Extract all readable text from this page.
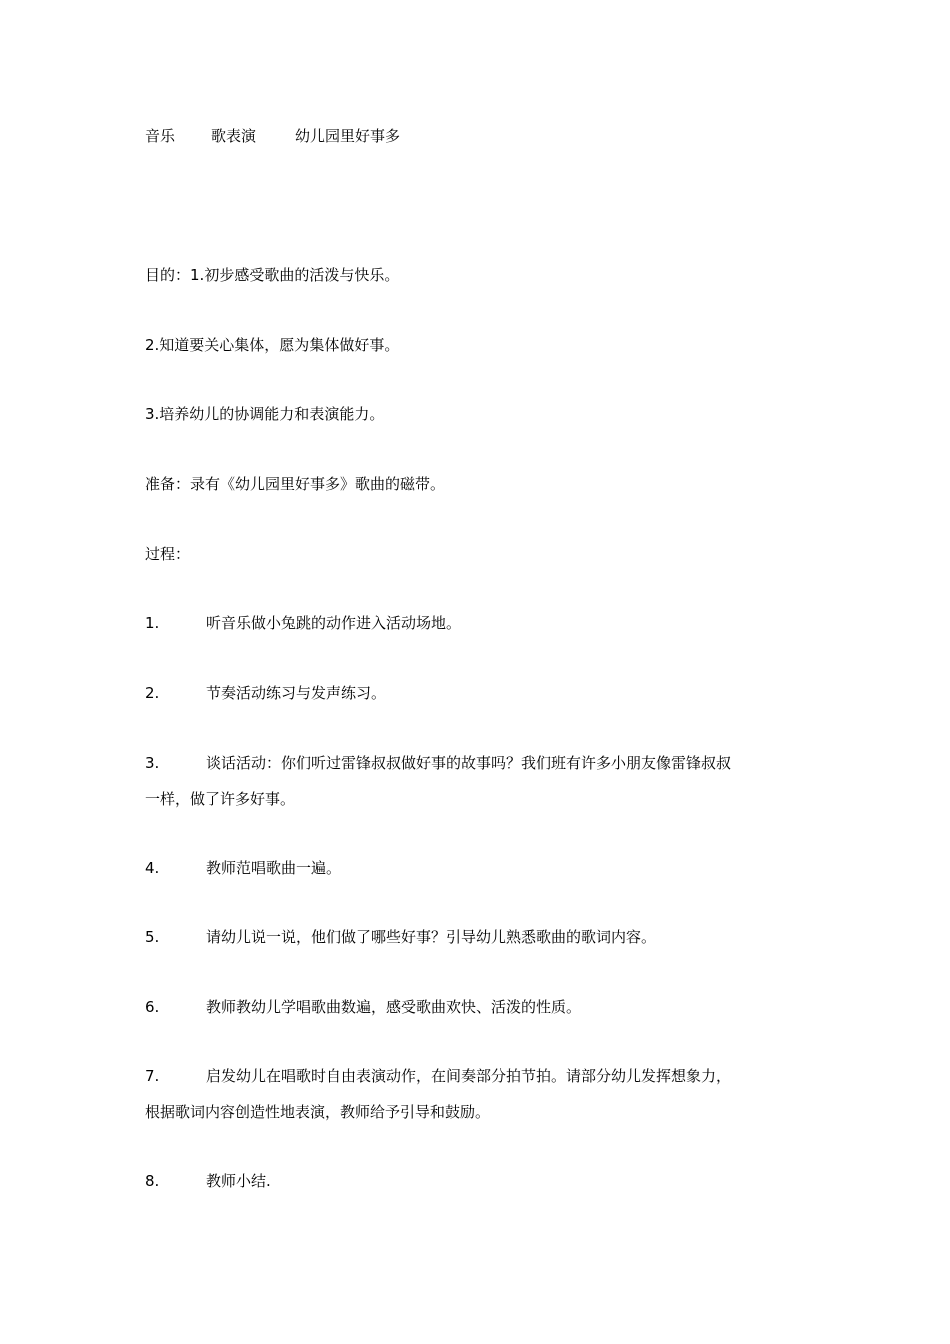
音乐 歌表演	幼儿园里好事多
目的：1.初步感受歌曲的活泼与快乐。
2.知道要关心集体，愿为集体做好事。
3.培养幼儿的协调能力和表演能力。
准备：录有《幼儿园里好事多》歌曲的磁带。
过程：
1.	听音乐做小兔跳的动作进入活动场地。
2.	节奏活动练习与发声练习。
3.	谈话活动：你们听过雷锋叔叔做好事的故事吗？我们班有许多小朋友像雷锋叔叔
一样，做了许多好事。
4.	教师范唱歌曲一遍。
5.	请幼儿说一说，他们做了哪些好事？引导幼儿熟悉歌曲的歌词内容。
6.	教师教幼儿学唱歌曲数遍，感受歌曲欢快、活泼的性质。
7.	启发幼儿在唱歌时自由表演动作，在间奏部分拍节拍。请部分幼儿发挥想象力，
根据歌词内容创造性地表演，教师给予引导和鼓励。
8.	教师小结.
